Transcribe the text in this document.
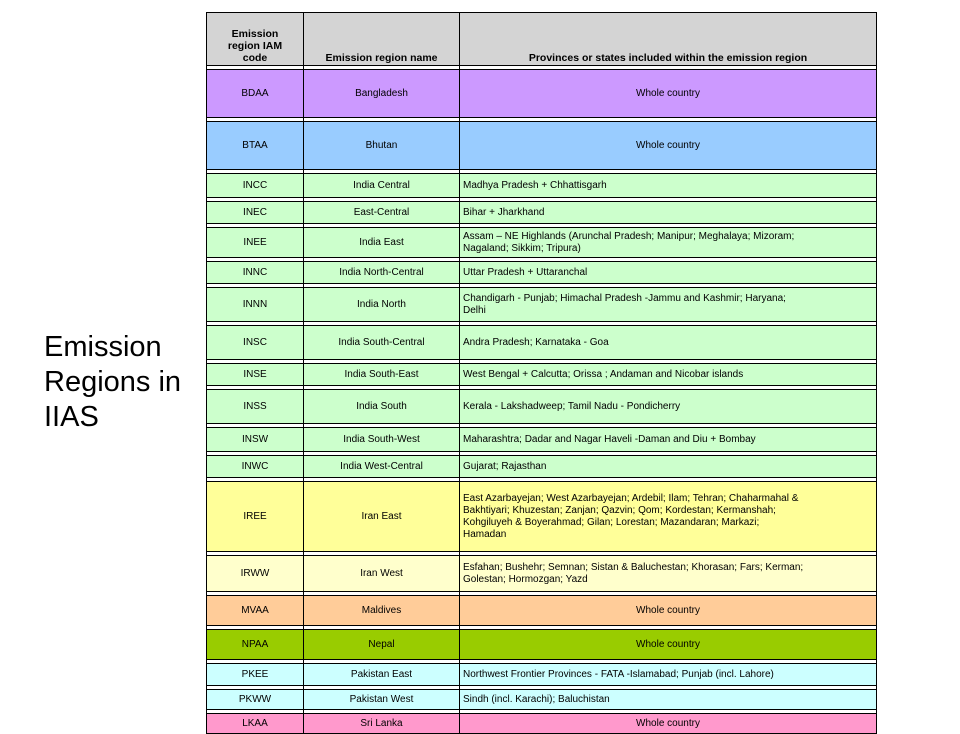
Emission
Regions in
IIAS
Emission
region IAM
code	Emission region name	Provinces or states included within the emission region

BDAA	Bangladesh	Whole country

BTAA	Bhutan	Whole country

INCC	India Central	Madhya Pradesh + Chhattisgarh

INEC	East-Central	Bihar + Jharkhand

INEE	India East	Assam – NE Highlands (Arunchal Pradesh; Manipur; Meghalaya; Mizoram;
Nagaland; Sikkim; Tripura)

INNC	India North-Central	Uttar Pradesh + Uttaranchal

INNN	India North	Chandigarh - Punjab; Himachal Pradesh -Jammu and Kashmir; Haryana;
Delhi

INSC	India South-Central	Andra Pradesh; Karnataka - Goa

INSE	India South-East	West Bengal + Calcutta; Orissa ; Andaman and Nicobar islands

INSS	India South	Kerala - Lakshadweep; Tamil Nadu - Pondicherry

INSW	India South-West	Maharashtra; Dadar and Nagar Haveli -Daman and Diu + Bombay

INWC	India West-Central	Gujarat; Rajasthan

IREE	Iran East	East Azarbayejan; West Azarbayejan; Ardebil; Ilam; Tehran; Chaharmahal &
Bakhtiyari; Khuzestan; Zanjan; Qazvin; Qom; Kordestan; Kermanshah;
Kohgiluyeh & Boyerahmad; Gilan; Lorestan; Mazandaran; Markazi;
Hamadan

IRWW	Iran West	Esfahan; Bushehr; Semnan; Sistan & Baluchestan; Khorasan; Fars; Kerman;
Golestan; Hormozgan; Yazd

MVAA	Maldives	Whole country

NPAA	Nepal	Whole country

PKEE	Pakistan East	Northwest Frontier Provinces - FATA -Islamabad; Punjab (incl. Lahore)

PKWW	Pakistan West	Sindh (incl. Karachi); Baluchistan

LKAA	Sri Lanka	Whole country
